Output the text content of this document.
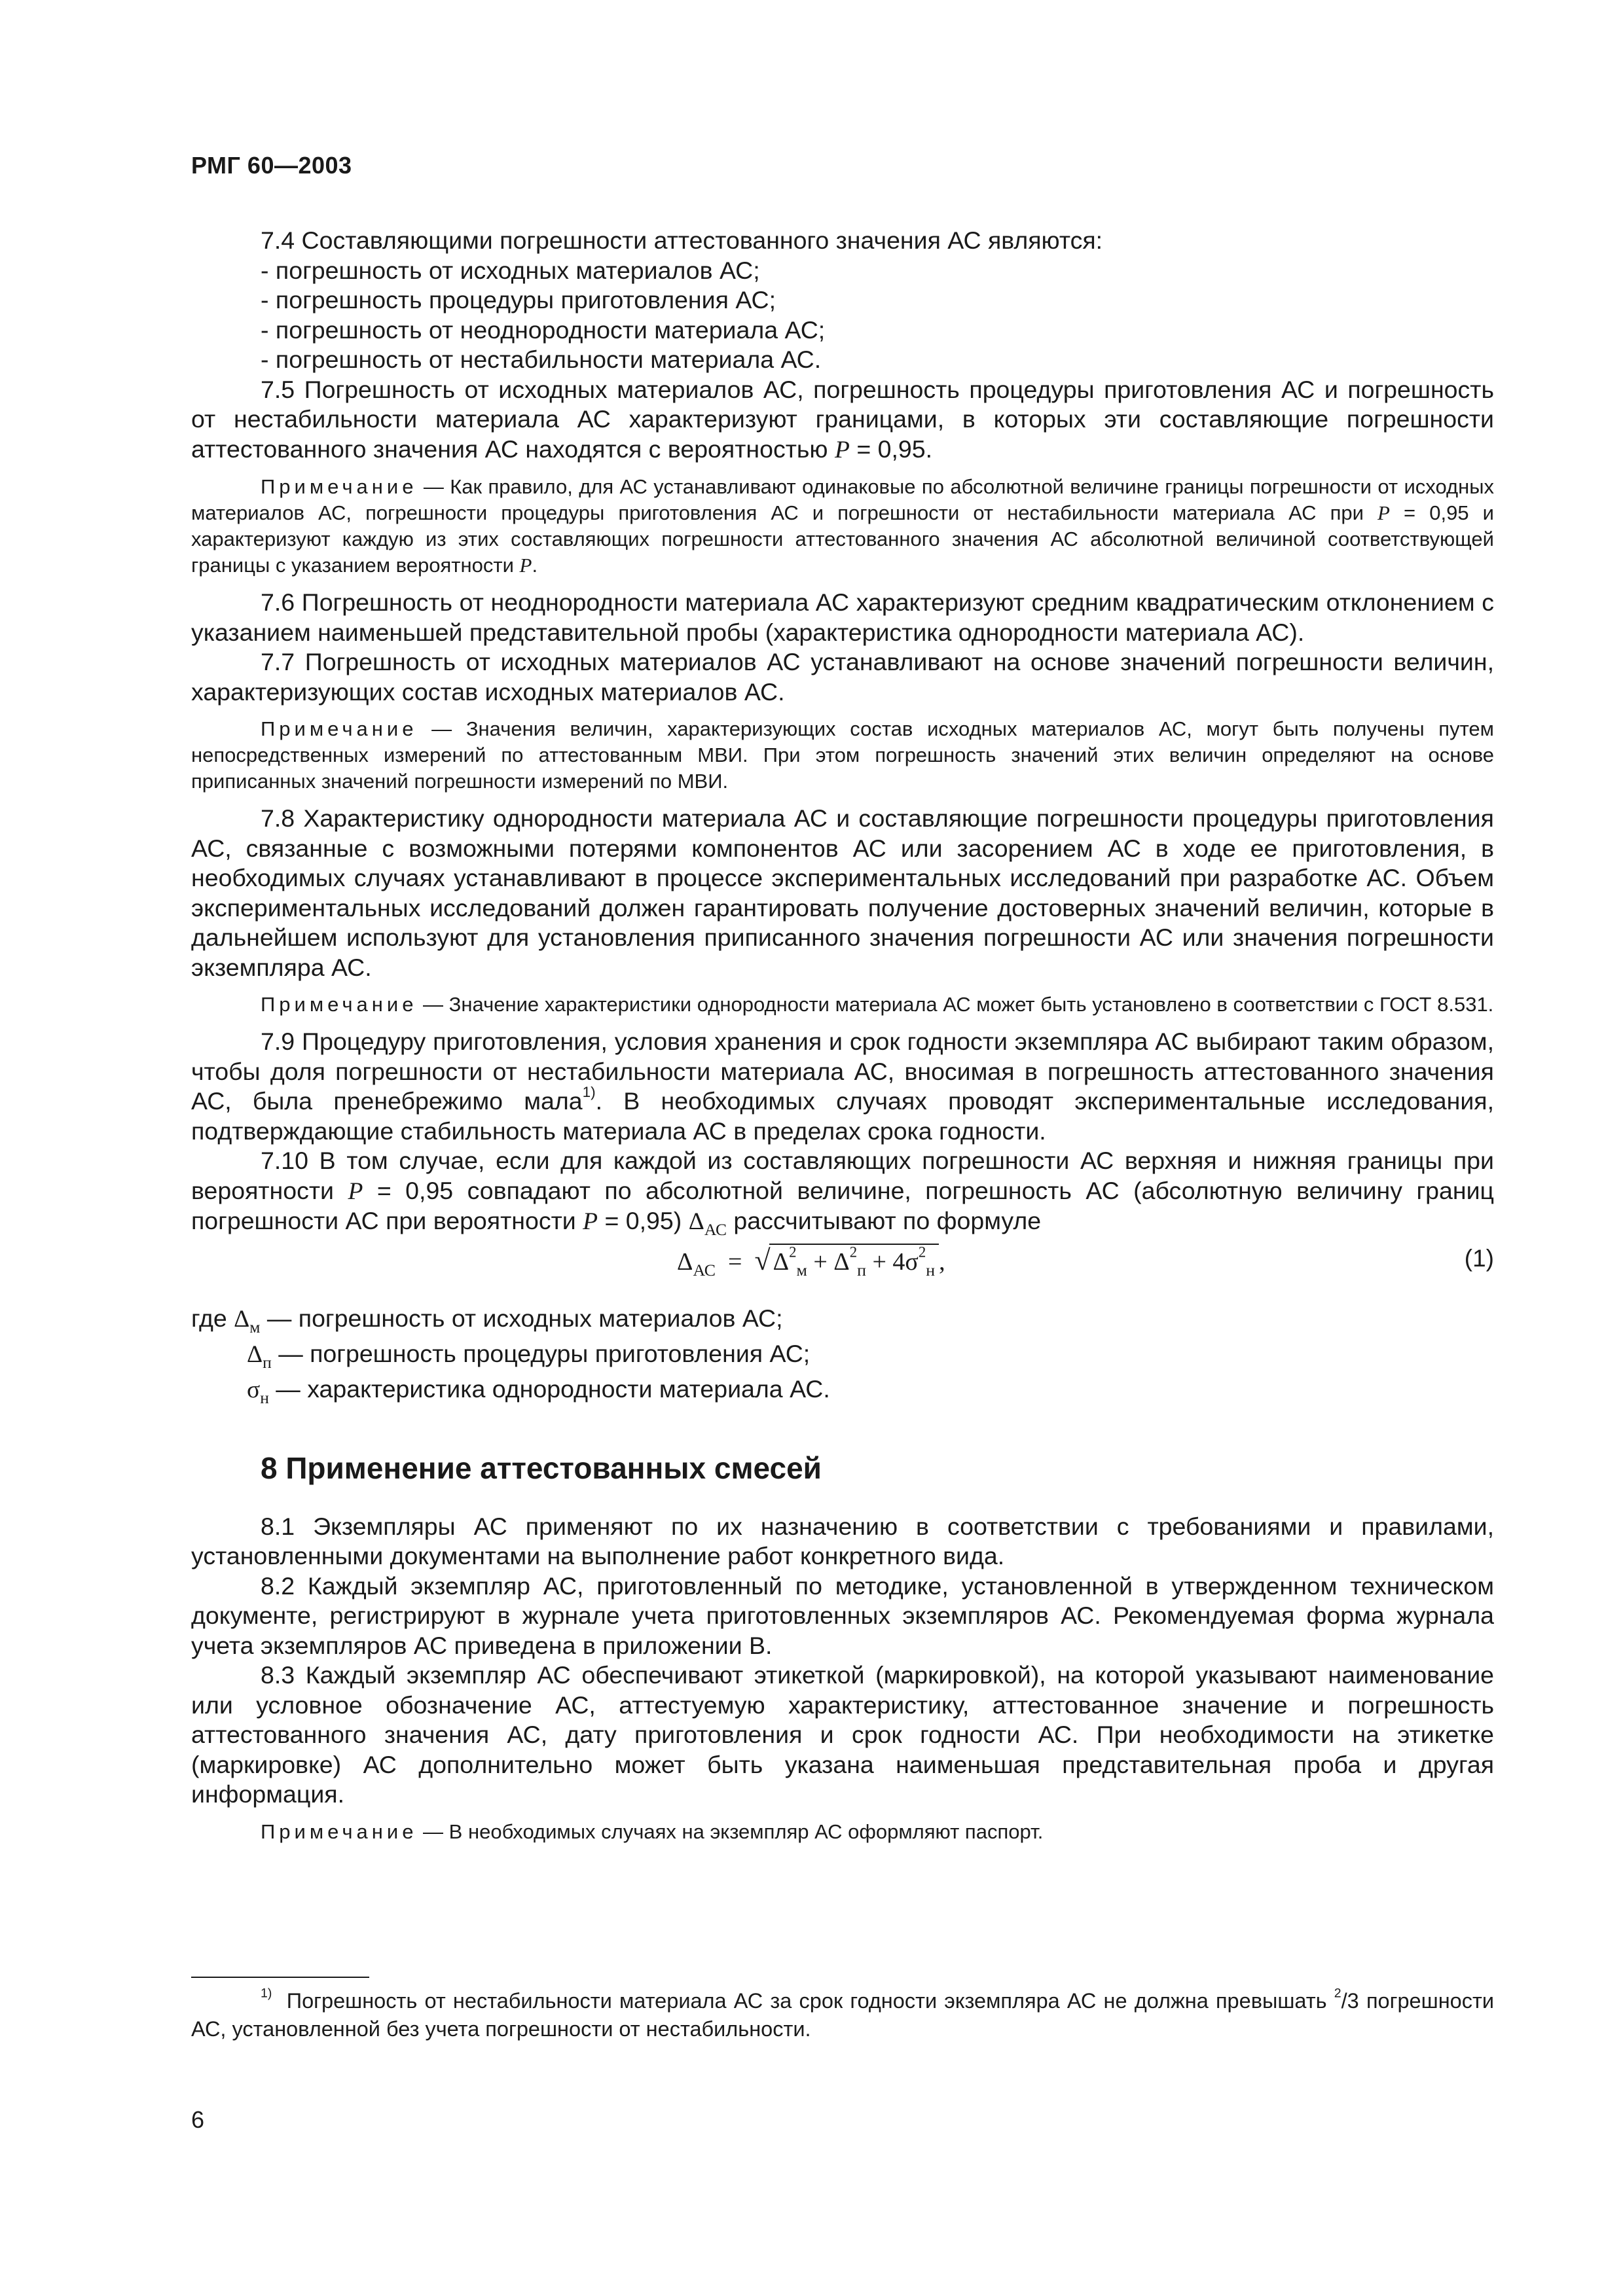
РМГ 60—2003

7.4 Составляющими погрешности аттестованного значения АС являются:

- погрешность от исходных материалов АС;

- погрешность процедуры приготовления АС;

- погрешность от неоднородности материала АС;

- погрешность от нестабильности материала АС.

7.5 Погрешность от исходных материалов АС, погрешность процедуры приготовления АС и погрешность от нестабильности материала АС характеризуют границами, в которых эти составляющие погрешности аттестованного значения АС находятся с вероятностью P = 0,95.

Примечание — Как правило, для АС устанавливают одинаковые по абсолютной величине границы погрешности от исходных материалов АС, погрешности процедуры приготовления АС и погрешности от нестабильности материала АС при P = 0,95 и характеризуют каждую из этих составляющих погрешности аттестованного значения АС абсолютной величиной соответствующей границы с указанием вероятности P.

7.6 Погрешность от неоднородности материала АС характеризуют средним квадратическим отклонением с указанием наименьшей представительной пробы (характеристика однородности материала АС).

7.7 Погрешность от исходных материалов АС устанавливают на основе значений погрешности величин, характеризующих состав исходных материалов АС.

Примечание — Значения величин, характеризующих состав исходных материалов АС, могут быть получены путем непосредственных измерений по аттестованным МВИ. При этом погрешность значений этих величин определяют на основе приписанных значений погрешности измерений по МВИ.

7.8 Характеристику однородности материала АС и составляющие погрешности процедуры приготовления АС, связанные с возможными потерями компонентов АС или засорением АС в ходе ее приготовления, в необходимых случаях устанавливают в процессе экспериментальных исследований при разработке АС. Объем экспериментальных исследований должен гарантировать получение достоверных значений величин, которые в дальнейшем используют для установления приписанного значения погрешности АС или значения погрешности экземпляра АС.

Примечание — Значение характеристики однородности материала АС может быть установлено в соответствии с ГОСТ 8.531.

7.9 Процедуру приготовления, условия хранения и срок годности экземпляра АС выбирают таким образом, чтобы доля погрешности от нестабильности материала АС, вносимая в погрешность аттестованного значения АС, была пренебрежимо мала$^{1)}$. В необходимых случаях проводят экспериментальные исследования, подтверждающие стабильность материала АС в пределах срока годности.

7.10 В том случае, если для каждой из составляющих погрешности АС верхняя и нижняя границы при вероятности P = 0,95 совпадают по абсолютной величине, погрешность АС (абсолютную величину границ погрешности АС при вероятности P = 0,95) $\Delta_{АС}$ рассчитывают по формуле

$\Delta_{АС}$ = √ $\Delta^2_м + \Delta^2_п + 4\sigma^2_н$ ,	(1)

где $\Delta_м$ — погрешность от исходных материалов АС;

$\Delta_п$ — погрешность процедуры приготовления АС;

$\sigma_н$ — характеристика однородности материала АС.

8 Применение аттестованных смесей

8.1 Экземпляры АС применяют по их назначению в соответствии с требованиями и правилами, установленными документами на выполнение работ конкретного вида.

8.2 Каждый экземпляр АС, приготовленный по методике, установленной в утвержденном техническом документе, регистрируют в журнале учета приготовленных экземпляров АС. Рекомендуемая форма журнала учета экземпляров АС приведена в приложении В.

8.3 Каждый экземпляр АС обеспечивают этикеткой (маркировкой), на которой указывают наименование или условное обозначение АС, аттестуемую характеристику, аттестованное значение и погрешность аттестованного значения АС, дату приготовления и срок годности АС. При необходимости на этикетке (маркировке) АС дополнительно может быть указана наименьшая представительная проба и другая информация.

Примечание — В необходимых случаях на экземпляр АС оформляют паспорт.

$^{1)}$ Погрешность от нестабильности материала АС за срок годности экземпляра АС не должна превышать $^2$/3 погрешности АС, установленной без учета погрешности от нестабильности.

6
